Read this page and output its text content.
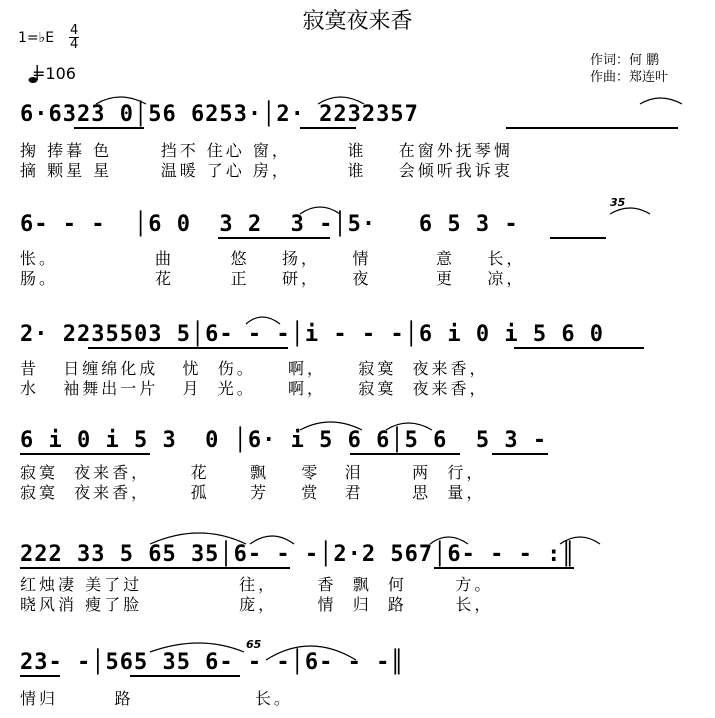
寂寞夜来香
1=♭E 4
4
=106
作词：何 鹏
作曲：郑连叶
6·6323 0│56 6253·│2· 2232357
掬 捧暮 色      挡不 住心 窗，       谁    在窗外抚琴惆
摘 颗星 星      温暖 了心 房，       谁    会倾听我诉衷
35
6- - -  │6 0  3 2  3 -│5·   6 5 3 -
怅。            曲       悠    扬，    情        意    长，
肠。            花       正    研，    夜        更    凉，
2· 2235503 5│6- - -│i - - -│6 i 0 i 5 6 0
昔   日缠绵化成   忧  伤。    啊，    寂寞  夜来香，
水   袖舞出一片   月  光。    啊，    寂寞  夜来香，
6 i 0 i 5 3  0 │6· i 5 6 6│5 6  5 3 -
寂寞  夜来香，     花     飘    零   泪      两  行，
寂寞  夜来香，     孤     芳    赏   君      思  量，
222 33 5 65 35│6- - -│2·2 567│6- - - :║
红烛凄 美了过            往，     香  飘  何      方。
晓风消 瘦了脸            庞，     情  归  路      长，
65
23- -│565 35 6- - -│6- - -║
情归       路               长。
